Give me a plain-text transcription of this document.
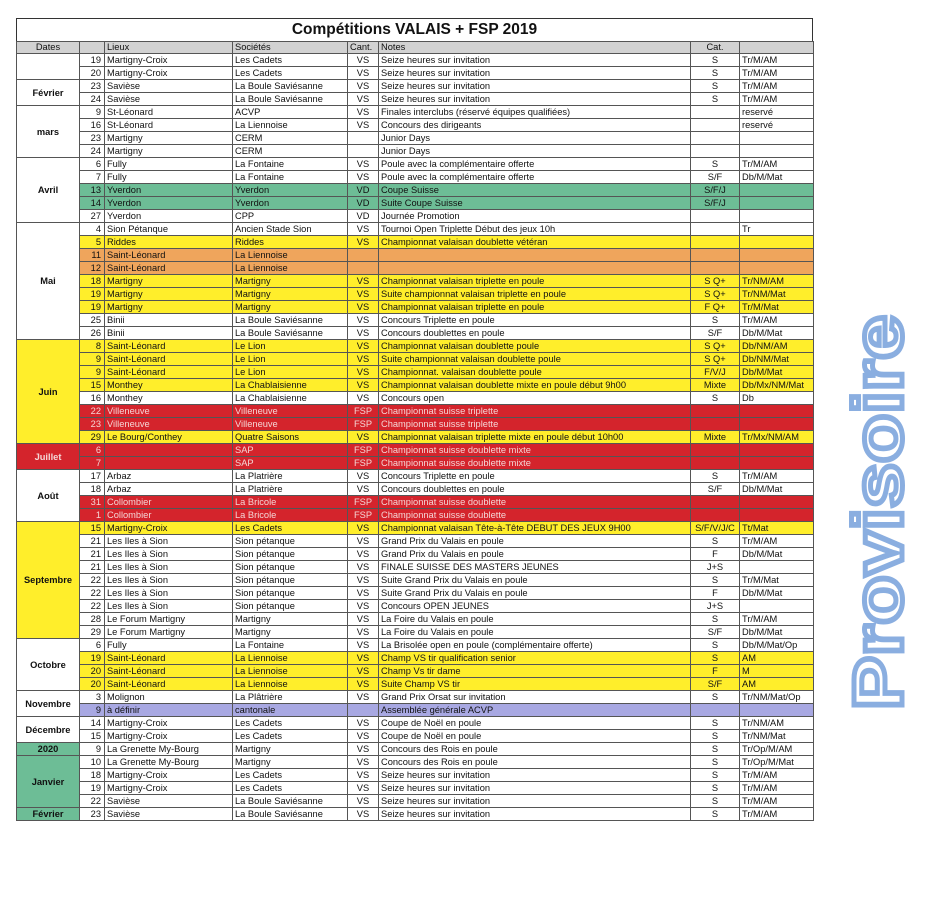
Compétitions VALAIS + FSP 2019
Dates		Lieux	Sociétés	Cant.	Notes	Cat.	
	19	Martigny-Croix	Les Cadets	VS	Seize heures sur invitation	S	Tr/M/AM
	20	Martigny-Croix	Les Cadets	VS	Seize heures sur invitation	S	Tr/M/AM
Février	23	Savièse	La Boule Saviésanne	VS	Seize heures sur invitation	S	Tr/M/AM
	24	Savièse	La Boule Saviésanne	VS	Seize heures sur invitation	S	Tr/M/AM
mars	9	St-Léonard	ACVP	VS	Finales interclubs (réservé équipes qualifiées)		reservé
	16	St-Léonard	La Liennoise	VS	Concours des dirigeants		reservé
	23	Martigny	CERM		Junior Days		
	24	Martigny	CERM		Junior Days		
Avril	6	Fully	La Fontaine	VS	Poule avec la complémentaire offerte	S	Tr/M/AM
	7	Fully	La Fontaine	VS	Poule avec la complémentaire offerte	S/F	Db/M/Mat
	13	Yverdon	Yverdon	VD	Coupe Suisse	S/F/J	
	14	Yverdon	Yverdon	VD	Suite Coupe Suisse	S/F/J	
	27	Yverdon	CPP	VD	Journée Promotion		
Mai	4	Sion Pétanque	Ancien Stade Sion	VS	Tournoi Open Triplette Début des jeux 10h		Tr
	5	Riddes	Riddes	VS	Championnat valaisan doublette vétéran		
	11	Saint-Léonard	La Liennoise				
	12	Saint-Léonard	La Liennoise				
	18	Martigny	Martigny	VS	Championnat valaisan triplette en poule	S Q+	Tr/NM/AM
	19	Martigny	Martigny	VS	Suite championnat valaisan triplette en poule	S Q+	Tr/NM/Mat
	19	Martigny	Martigny	VS	Championnat valaisan triplette en poule	F Q+	Tr/M/Mat
	25	Binii	La Boule Saviésanne	VS	Concours Triplette en poule	S	Tr/M/AM
	26	Binii	La Boule Saviésanne	VS	Concours doublettes en poule	S/F	Db/M/Mat
Juin	8	Saint-Léonard	Le Lion	VS	Championnat valaisan doublette poule	S Q+	Db/NM/AM
	9	Saint-Léonard	Le Lion	VS	Suite championnat valaisan doublette poule	S Q+	Db/NM/Mat
	9	Saint-Léonard	Le Lion	VS	Championnat. valaisan doublette poule	F/V/J	Db/M/Mat
	15	Monthey	La Chablaisienne	VS	Championnat valaisan doublette mixte en poule début 9h00	Mixte	Db/Mx/NM/Mat
	16	Monthey	La Chablaisienne	VS	Concours open	S	Db
	22	Villeneuve	Villeneuve	FSP	Championnat suisse triplette		
	23	Villeneuve	Villeneuve	FSP	Championnat suisse triplette		
	29	Le Bourg/Conthey	Quatre Saisons	VS	Championnat valaisan triplette mixte en poule début 10h00	Mixte	Tr/Mx/NM/AM
Juillet	6		SAP	FSP	Championnat suisse doublette mixte		
	7		SAP	FSP	Championnat suisse doublette mixte		
Août	17	Arbaz	La Platrière	VS	Concours Triplette en poule	S	Tr/M/AM
	18	Arbaz	La Platrière	VS	Concours doublettes en poule	S/F	Db/M/Mat
	31	Collombier	La Bricole	FSP	Championnat suisse doublette		
	1	Collombier	La Bricole	FSP	Championnat suisse doublette		
Septembre	15	Martigny-Croix	Les Cadets	VS	Championnat valaisan Tête-à-Tête DEBUT DES JEUX 9H00	S/F/V/J/C	Tt/Mat
	21	Les Iles à Sion	Sion pétanque	VS	Grand Prix du Valais en poule	S	Tr/M/AM
	21	Les Iles à Sion	Sion pétanque	VS	Grand Prix du Valais en poule	F	Db/M/Mat
	21	Les Iles à Sion	Sion pétanque	VS	FINALE SUISSE DES MASTERS JEUNES	J+S	
	22	Les Iles à Sion	Sion pétanque	VS	Suite Grand Prix du Valais en poule	S	Tr/M/Mat
	22	Les Iles à Sion	Sion pétanque	VS	Suite Grand Prix du Valais en poule	F	Db/M/Mat
	22	Les Iles à Sion	Sion pétanque	VS	Concours OPEN JEUNES	J+S	
	28	Le Forum Martigny	Martigny	VS	La Foire du Valais en poule	S	Tr/M/AM
	29	Le Forum Martigny	Martigny	VS	La Foire du Valais en poule	S/F	Db/M/Mat
Octobre	6	Fully	La Fontaine	VS	La Brisolée open en poule (complémentaire offerte)	S	Db/M/Mat/Op
	19	Saint-Léonard	La Liennoise	VS	Champ VS tir qualification senior	S	AM
	20	Saint-Léonard	La Liennoise	VS	Champ Vs tir dame	F	M
	20	Saint-Léonard	La Liennoise	VS	Suite Champ VS tir	S/F	AM
Novembre	3	Molignon	La Plâtrière	VS	Grand Prix Orsat sur invitation	S	Tr/NM/Mat/Op
	9	à définir	cantonale		Assemblée générale ACVP		
Décembre	14	Martigny-Croix	Les Cadets	VS	Coupe de Noël en poule	S	Tr/NM/AM
	15	Martigny-Croix	Les Cadets	VS	Coupe de Noël en poule	S	Tr/NM/Mat
2020	9	La Grenette My-Bourg	Martigny	VS	Concours des Rois en poule	S	Tr/Op/M/AM
Janvier	10	La Grenette My-Bourg	Martigny	VS	Concours des Rois en poule	S	Tr/Op/M/Mat
	18	Martigny-Croix	Les Cadets	VS	Seize heures sur invitation	S	Tr/M/AM
	19	Martigny-Croix	Les Cadets	VS	Seize heures sur invitation	S	Tr/M/AM
	22	Savièse	La Boule Saviésanne	VS	Seize heures sur invitation	S	Tr/M/AM
Février	23	Savièse	La Boule Saviésanne	VS	Seize heures sur invitation	S	Tr/M/AM
Provisoire
